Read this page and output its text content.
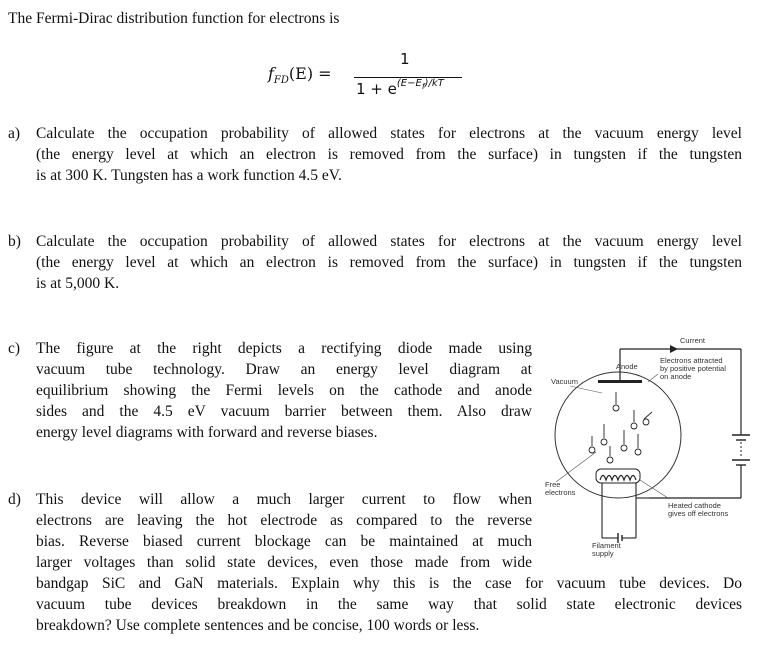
The Fermi-Dirac distribution function for electrons is
$f_{FD}(E)$ =
1
$1 + e^{(E-E_f)/kT}$
a) Calculate the occupation probability of allowed states for electrons at the vacuum energy level
(the energy level at which an electron is removed from the surface) in tungsten if the tungsten
is at 300 K. Tungsten has a work function 4.5 eV.
b) Calculate the occupation probability of allowed states for electrons at the vacuum energy level
(the energy level at which an electron is removed from the surface) in tungsten if the tungsten
is at 5,000 K.
c) The figure at the right depicts a rectifying diode made using
vacuum tube technology. Draw an energy level diagram at
equilibrium showing the Fermi levels on the cathode and anode
sides and the 4.5 eV vacuum barrier between them. Also draw
energy level diagrams with forward and reverse biases.
d) This device will allow a much larger current to flow when
electrons are leaving the hot electrode as compared to the reverse
bias. Reverse biased current blockage can be maintained at much
larger voltages than solid state devices, even those made from wide
bandgap SiC and GaN materials. Explain why this is the case for vacuum tube devices. Do
vacuum tube devices breakdown in the same way that solid state electronic devices
breakdown? Use complete sentences and be concise, 100 words or less.
Current
Anode
Vacuum
Electrons attracted
by positive potential
on anode
Free
electrons
Heated cathode
gives off electrons
Filament
supply
